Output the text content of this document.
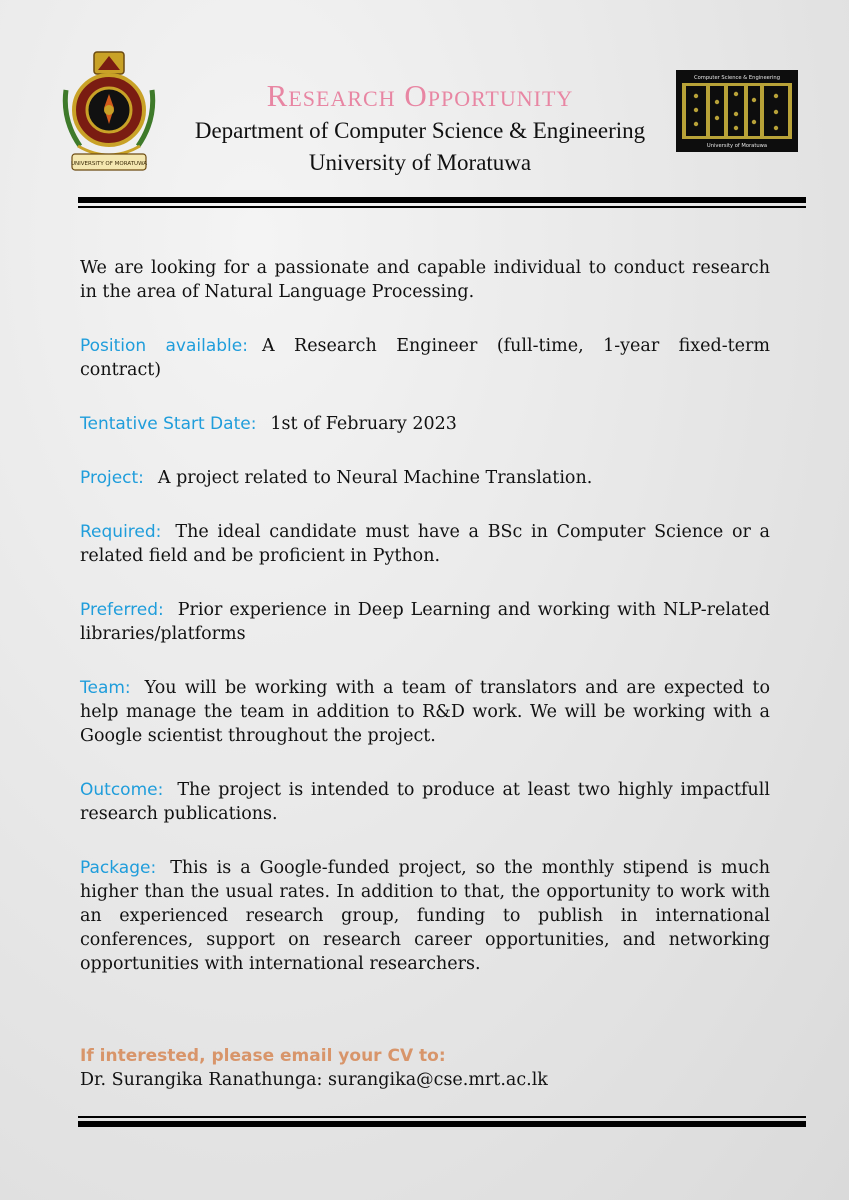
UNIVERSITY OF MORATUWA
Research Opportunity
Department of Computer Science & Engineering
University of Moratuwa
Computer Science & Engineering
University of Moratuwa

We are looking for a passionate and capable individual to conduct research in the area of Natural Language Processing.

Position available: A Research Engineer (full-time, 1-year fixed-term contract)

Tentative Start Date: 1st of February 2023

Project: A project related to Neural Machine Translation.

Required: The ideal candidate must have a BSc in Computer Science or a related field and be proficient in Python.

Preferred: Prior experience in Deep Learning and working with NLP-related libraries/platforms

Team: You will be working with a team of translators and are expected to help manage the team in addition to R&D work. We will be working with a Google scientist throughout the project.

Outcome: The project is intended to produce at least two highly impactfull research publications.

Package: This is a Google-funded project, so the monthly stipend is much higher than the usual rates. In addition to that, the opportunity to work with an experienced research group, funding to publish in international conferences, support on research career opportunities, and networking opportunities with international researchers.

If interested, please email your CV to:
Dr. Surangika Ranathunga: surangika@cse.mrt.ac.lk
